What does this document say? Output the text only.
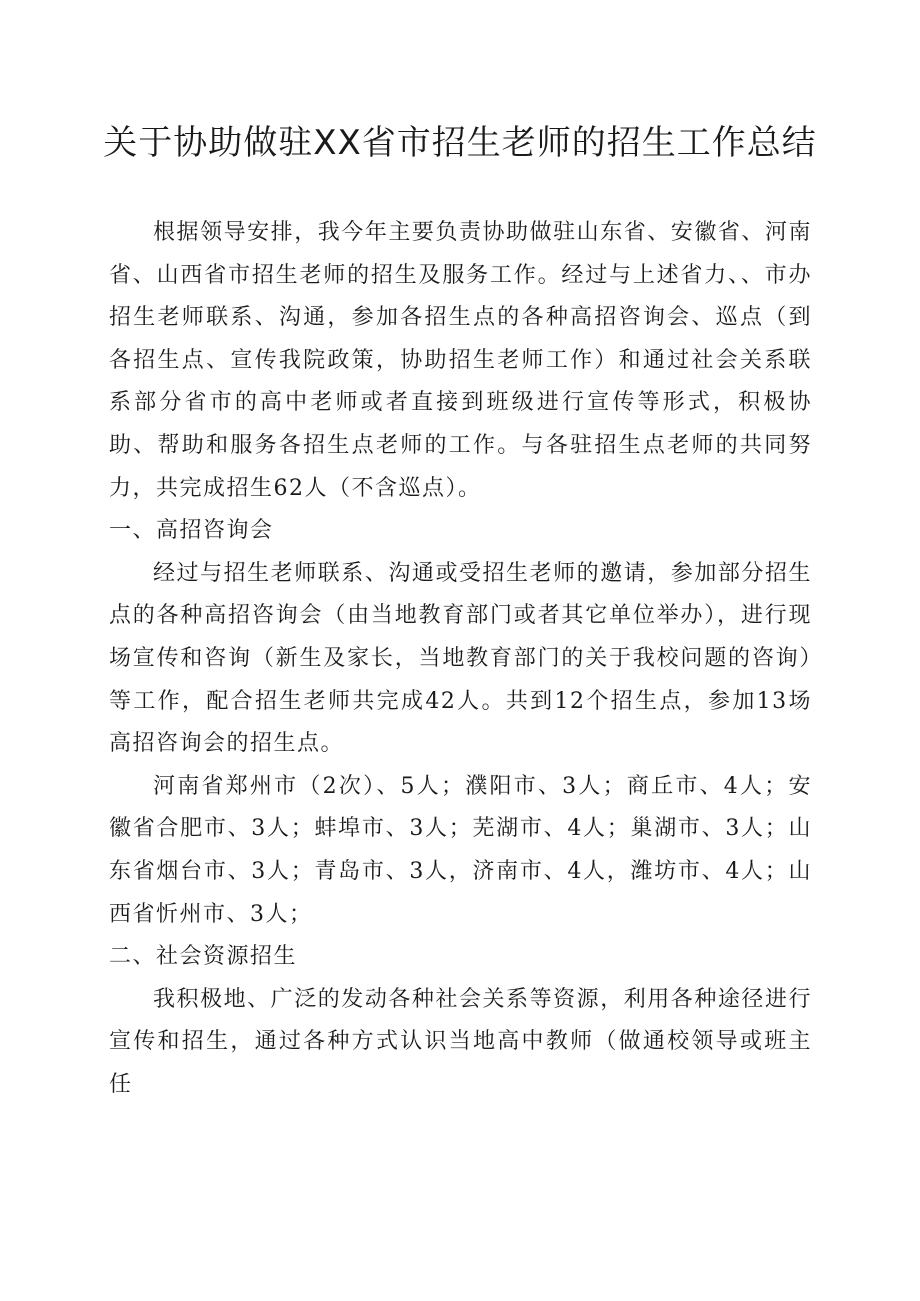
关于协助做驻XX省市招生老师的招生工作总结

根据领导安排，我今年主要负责协助做驻山东省、安徽省、河南省、山西省市招生老师的招生及服务工作。经过与上述省力、、市办招生老师联系、沟通，参加各招生点的各种高招咨询会、巡点（到各招生点、宣传我院政策，协助招生老师工作）和通过社会关系联系部分省市的高中老师或者直接到班级进行宣传等形式，积极协助、帮助和服务各招生点老师的工作。与各驻招生点老师的共同努力，共完成招生62人（不含巡点）。

一、高招咨询会

经过与招生老师联系、沟通或受招生老师的邀请，参加部分招生点的各种高招咨询会（由当地教育部门或者其它单位举办），进行现场宣传和咨询（新生及家长，当地教育部门的关于我校问题的咨询）等工作，配合招生老师共完成42人。共到12个招生点，参加13场高招咨询会的招生点。

河南省郑州市（2次）、5人；濮阳市、3人；商丘市、4人；安徽省合肥市、3人；蚌埠市、3人；芜湖市、4人；巢湖市、3人；山东省烟台市、3人；青岛市、3人，济南市、4人，潍坊市、4人；山西省忻州市、3人；

二、社会资源招生

我积极地、广泛的发动各种社会关系等资源，利用各种途径进行宣传和招生，通过各种方式认识当地高中教师（做通校领导或班主任
